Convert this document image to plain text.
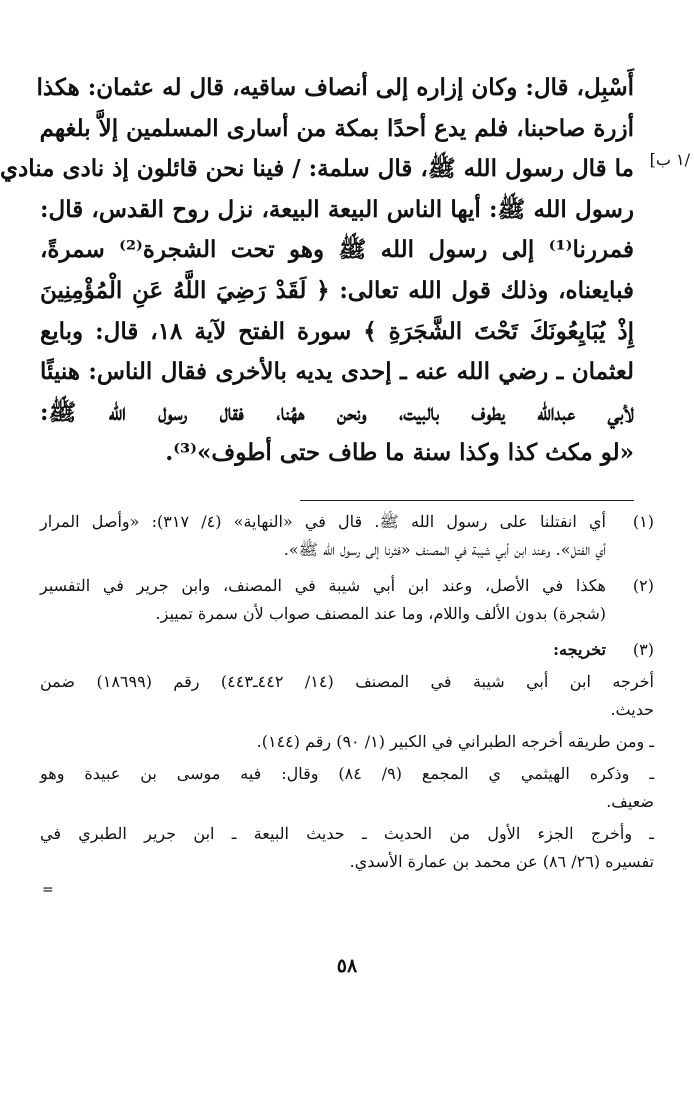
/١ ب]
أَسْبِل، قال: وكان إزاره إلى أنصاف ساقيه، قال له عثمان: هكذا
أزرة صاحبنا، فلم يدع أحدًا بمكة من أسارى المسلمين إلاَّ بلغهم
ما قال رسول الله ﷺ، قال سلمة: / فينا نحن قائلون إذ نادى منادي
رسول الله ﷺ: أيها الناس البيعة البيعة، نزل روح القدس، قال:
فمررنا⁽¹⁾ إلى رسول الله ﷺ وهو تحت الشجرة⁽²⁾ سمرةً،
فبايعناه، وذلك قول الله تعالى: ﴿ لَقَدْ رَضِيَ اللَّهُ عَنِ الْمُؤْمِنِينَ
إِذْ يُبَايِعُونَكَ تَحْتَ الشَّجَرَةِ ﴾ سورة الفتح لآية ١٨، قال: وبايع
لعثمان ـ رضي الله عنه ـ إحدى يديه بالأخرى فقال الناس: هنيئًا
لأبي عبدالله يطوف بالبيت، ونحن ههُنا، فقال رسول الله ﷺ:
«لو مكث كذا وكذا سنة ما طاف حتى أطوف»⁽³⁾.
(١)
أي انفتلنا على رسول الله ﷺ. قال في «النهاية» (٤/ ٣١٧): «وأصل المرار
أي الفتل». وعند ابن أبي شيبة في المصنف «فثرنا إلى رسول الله ﷺ».
(٢)
هكذا في الأصل، وعند ابن أبي شيبة في المصنف، وابن جرير في التفسير
(شجرة) بدون الألف واللام، وما عند المصنف صواب لأن سمرة تمييز.
(٣)
تخريجه:
أخرجه ابن أبي شيبة في المصنف (١٤/ ٤٤٢ـ٤٤٣) رقم (١٨٦٩٩) ضمن
حديث.
ـ ومن طريقه أخرجه الطبراني في الكبير (١/ ٩٠) رقم (١٤٤).
ـ وذكره الهيثمي ي المجمع (٩/ ٨٤) وقال: فيه موسى بن عبيدة وهو
ضعيف.
ـ وأخرج الجزء الأول من الحديث ـ حديث البيعة ـ ابن جرير الطبري في
تفسيره (٢٦/ ٨٦) عن محمد بن عمارة الأسدي.
=
٥٨
